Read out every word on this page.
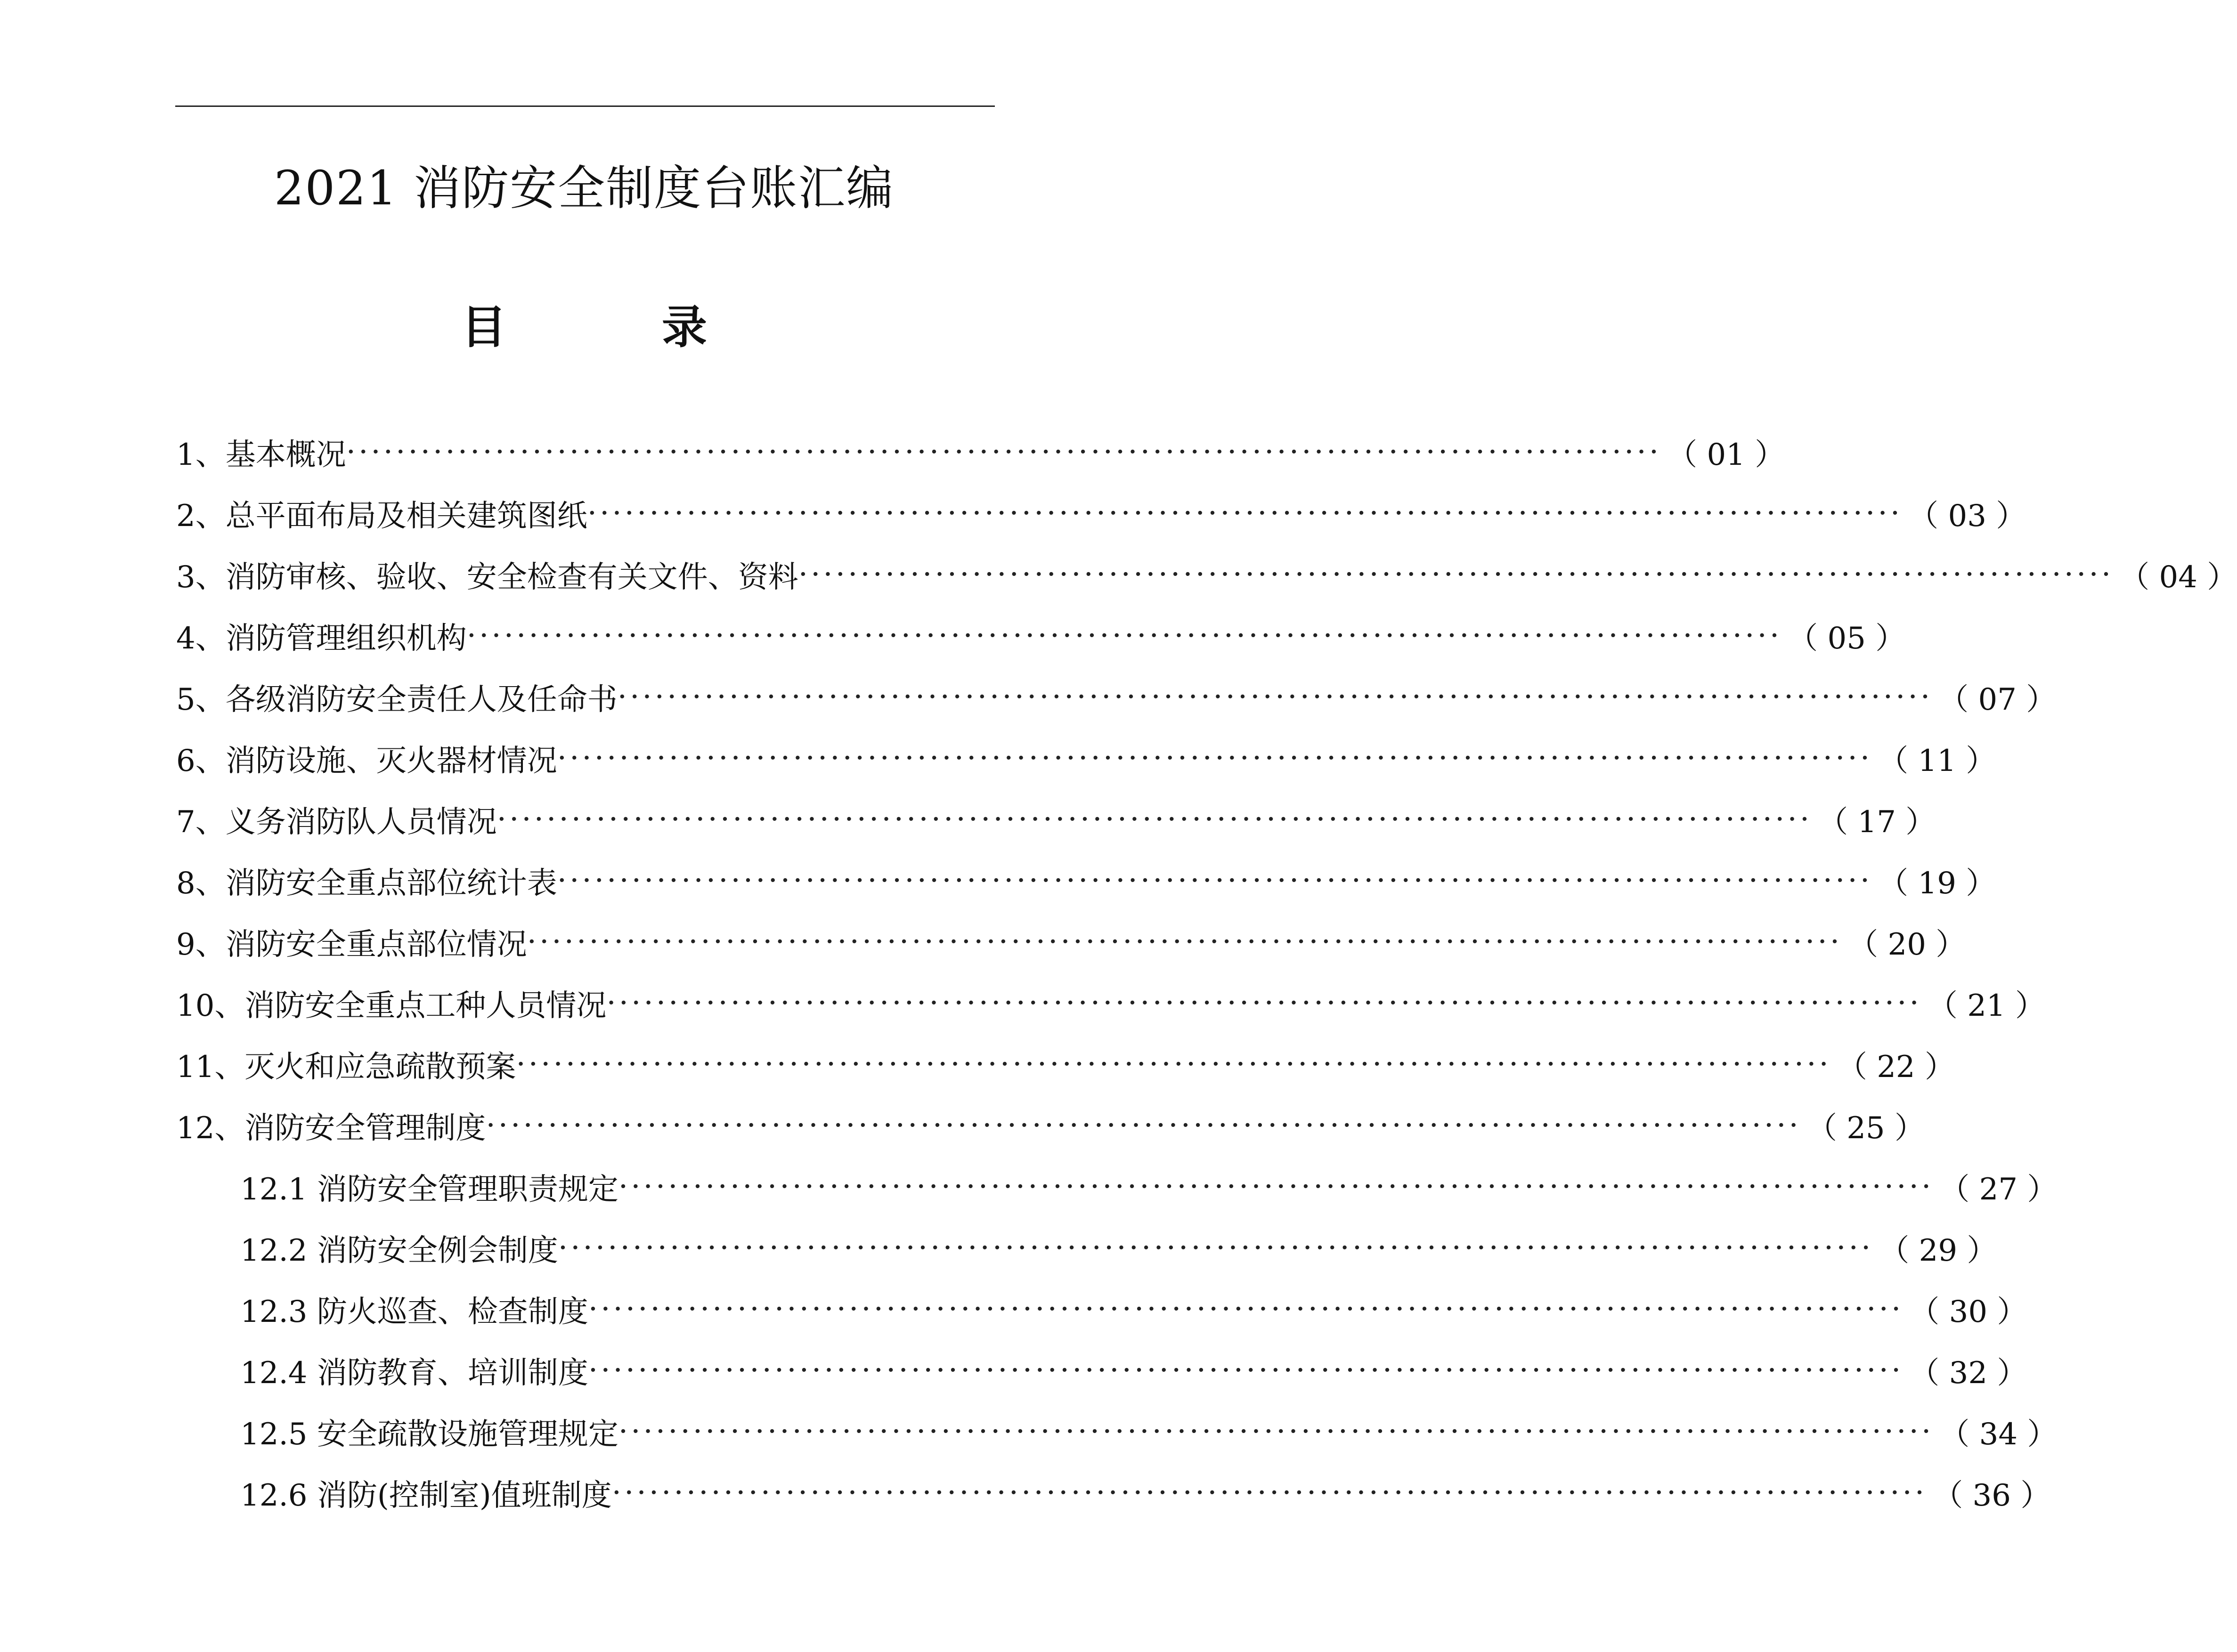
2021 消防安全制度台账汇编
目	录
1、基本概况 ·········································································································· （ 01 ）
2、总平面布局及相关建筑图纸 ·········································································································· （ 03 ）
3、消防审核、验收、安全检查有关文件、资料 ·········································································································· （ 04 ）
4、消防管理组织机构 ·········································································································· （ 05 ）
5、各级消防安全责任人及任命书 ·········································································································· （ 07 ）
6、消防设施、灭火器材情况 ·········································································································· （ 11 ）
7、义务消防队人员情况 ·········································································································· （ 17 ）
8、消防安全重点部位统计表 ·········································································································· （ 19 ）
9、消防安全重点部位情况 ·········································································································· （ 20 ）
10、消防安全重点工种人员情况 ·········································································································· （ 21 ）
11、灭火和应急疏散预案 ·········································································································· （ 22 ）
12、消防安全管理制度 ·········································································································· （ 25 ）
12.1 消防安全管理职责规定 ·········································································································· （ 27 ）
12.2 消防安全例会制度 ·········································································································· （ 29 ）
12.3 防火巡查、检查制度 ·········································································································· （ 30 ）
12.4 消防教育、培训制度 ·········································································································· （ 32 ）
12.5 安全疏散设施管理规定 ·········································································································· （ 34 ）
12.6 消防(控制室)值班制度 ·········································································································· （ 36 ）
